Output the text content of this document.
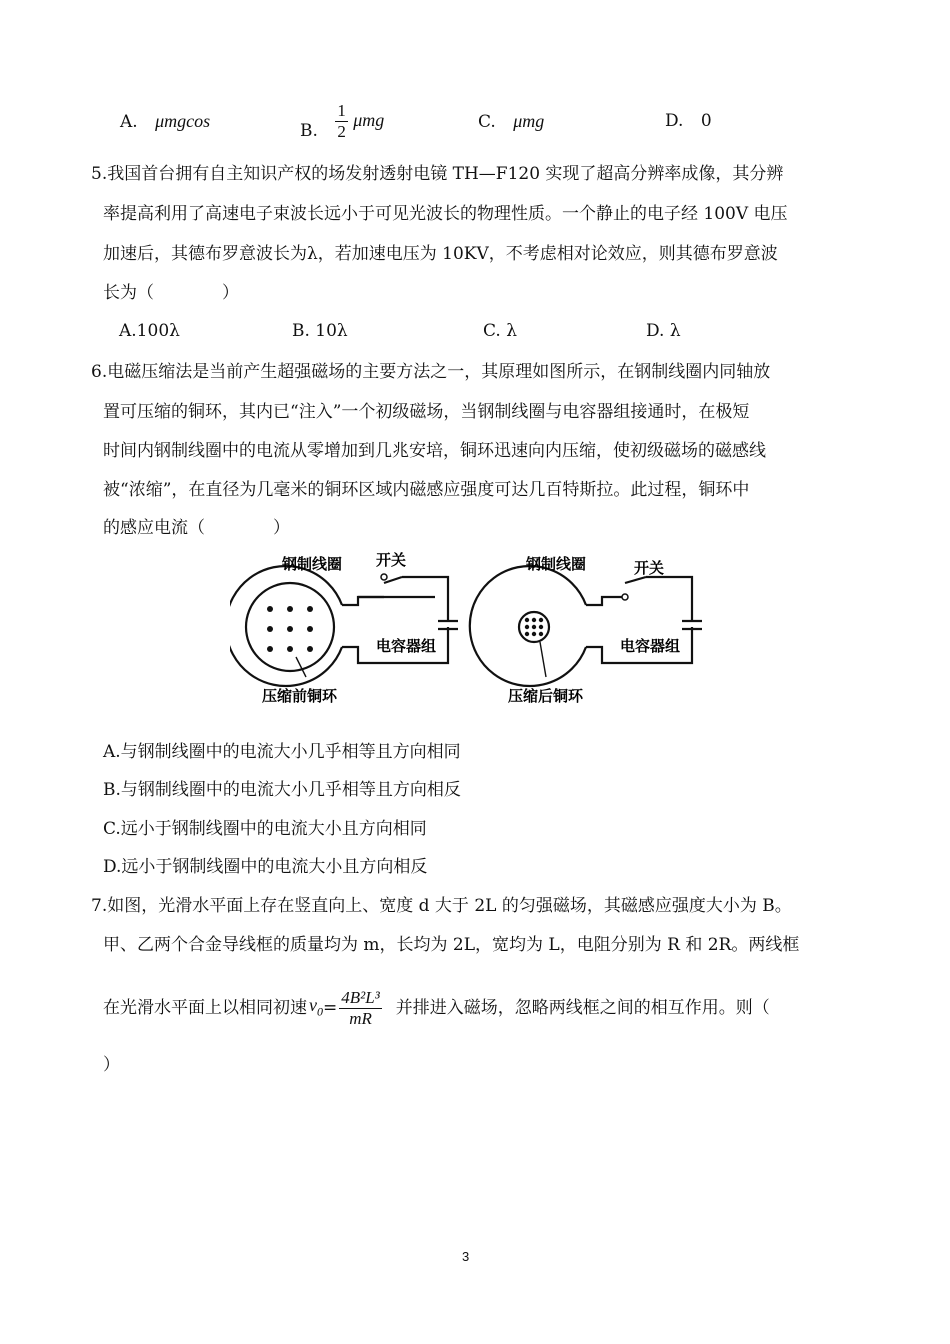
A. μmgcos	B. $\frac{1}{2}$ μmg	C. μmg	D. 0
5.我国首台拥有自主知识产权的场发射透射电镜 TH—F120 实现了超高分辨率成像，其分辨
率提高利用了高速电子束波长远小于可见光波长的物理性质。一个静止的电子经 100V 电压
加速后，其德布罗意波长为λ，若加速电压为 10KV，不考虑相对论效应，则其德布罗意波
长为（　　　　）
A.100λ	B. 10λ	C. λ	D. λ
6.电磁压缩法是当前产生超强磁场的主要方法之一，其原理如图所示，在钢制线圈内同轴放
置可压缩的铜环，其内已“注入”一个初级磁场，当钢制线圈与电容器组接通时，在极短
时间内钢制线圈中的电流从零增加到几兆安培，铜环迅速向内压缩，使初级磁场的磁感线
被“浓缩”，在直径为几毫米的铜环区域内磁感应强度可达几百特斯拉。此过程，铜环中
的感应电流（　　　　）
钢制线圈 开关
电容器组
压缩前铜环
钢制线圈	开关
电容器组
压缩后铜环
A.与钢制线圈中的电流大小几乎相等且方向相同
B.与钢制线圈中的电流大小几乎相等且方向相反
C.远小于钢制线圈中的电流大小且方向相同
D.远小于钢制线圈中的电流大小且方向相反
7.如图，光滑水平面上存在竖直向上、宽度 d 大于 2L 的匀强磁场，其磁感应强度大小为 B。
甲、乙两个合金导线框的质量均为 m，长均为 2L，宽均为 L，电阻分别为 R 和 2R。两线框
在光滑水平面上以相同初速 $v_0 = \frac{\text{4B²L³}}{mR}$ 并排进入磁场，忽略两线框之间的相互作用。则（
）
3
